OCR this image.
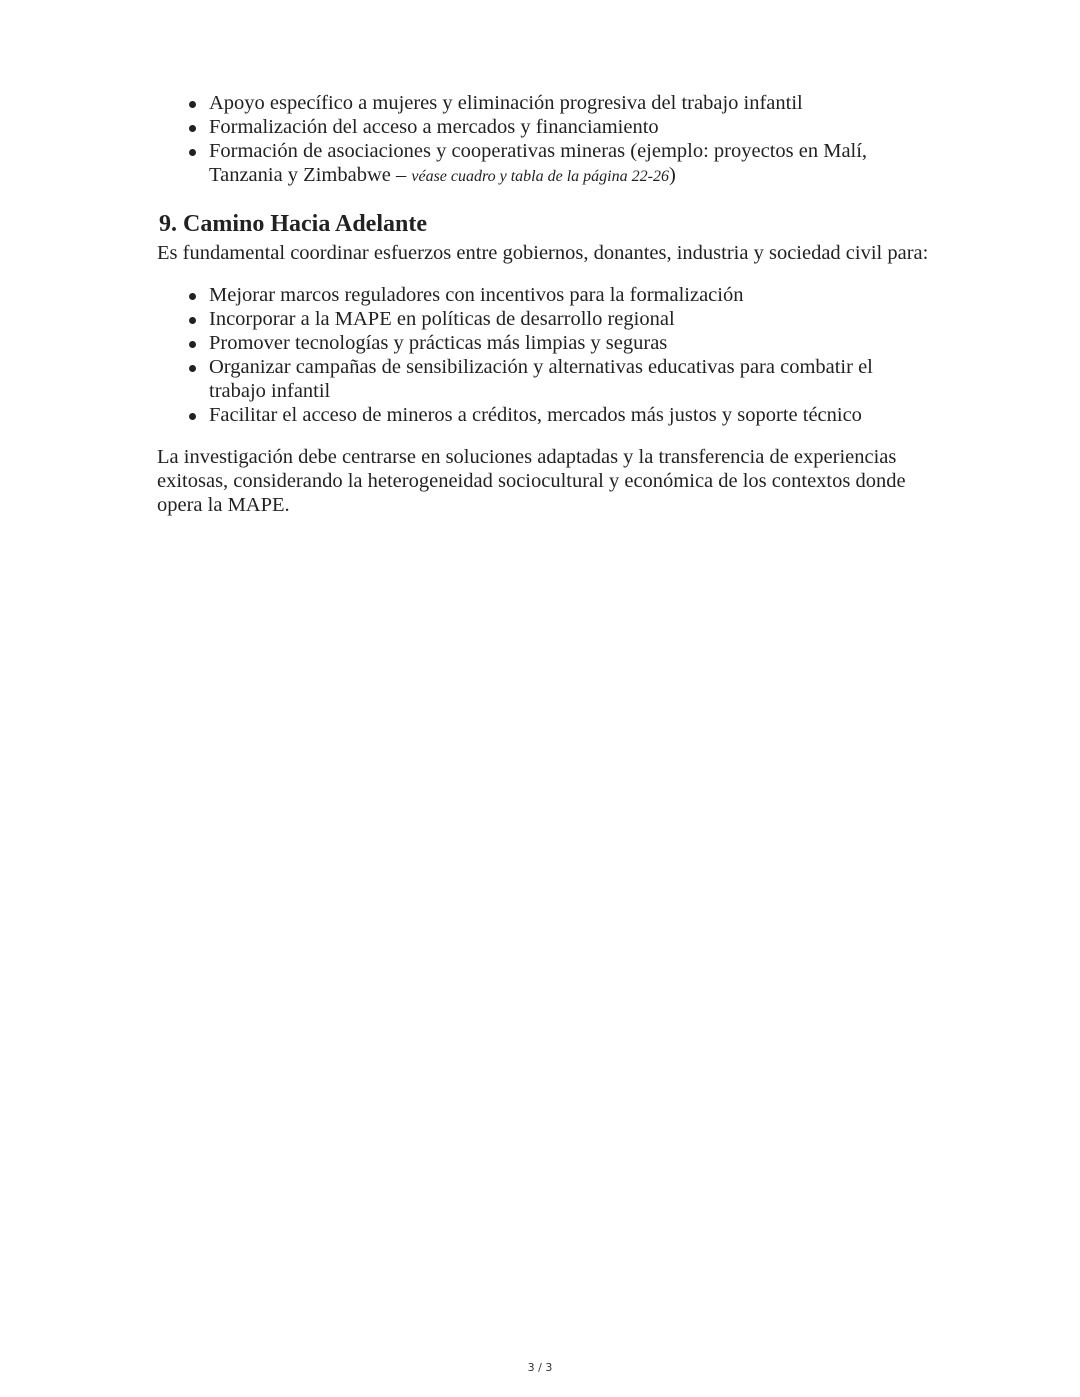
Apoyo específico a mujeres y eliminación progresiva del trabajo infantil
Formalización del acceso a mercados y financiamiento
Formación de asociaciones y cooperativas mineras (ejemplo: proyectos en Malí, Tanzania y Zimbabwe – véase cuadro y tabla de la página 22-26)
9. Camino Hacia Adelante

Es fundamental coordinar esfuerzos entre gobiernos, donantes, industria y sociedad civil para:

Mejorar marcos reguladores con incentivos para la formalización
Incorporar a la MAPE en políticas de desarrollo regional
Promover tecnologías y prácticas más limpias y seguras
Organizar campañas de sensibilización y alternativas educativas para combatir el trabajo infantil
Facilitar el acceso de mineros a créditos, mercados más justos y soporte técnico

La investigación debe centrarse en soluciones adaptadas y la transferencia de experiencias exitosas, considerando la heterogeneidad sociocultural y económica de los contextos donde opera la MAPE.

3 / 3
